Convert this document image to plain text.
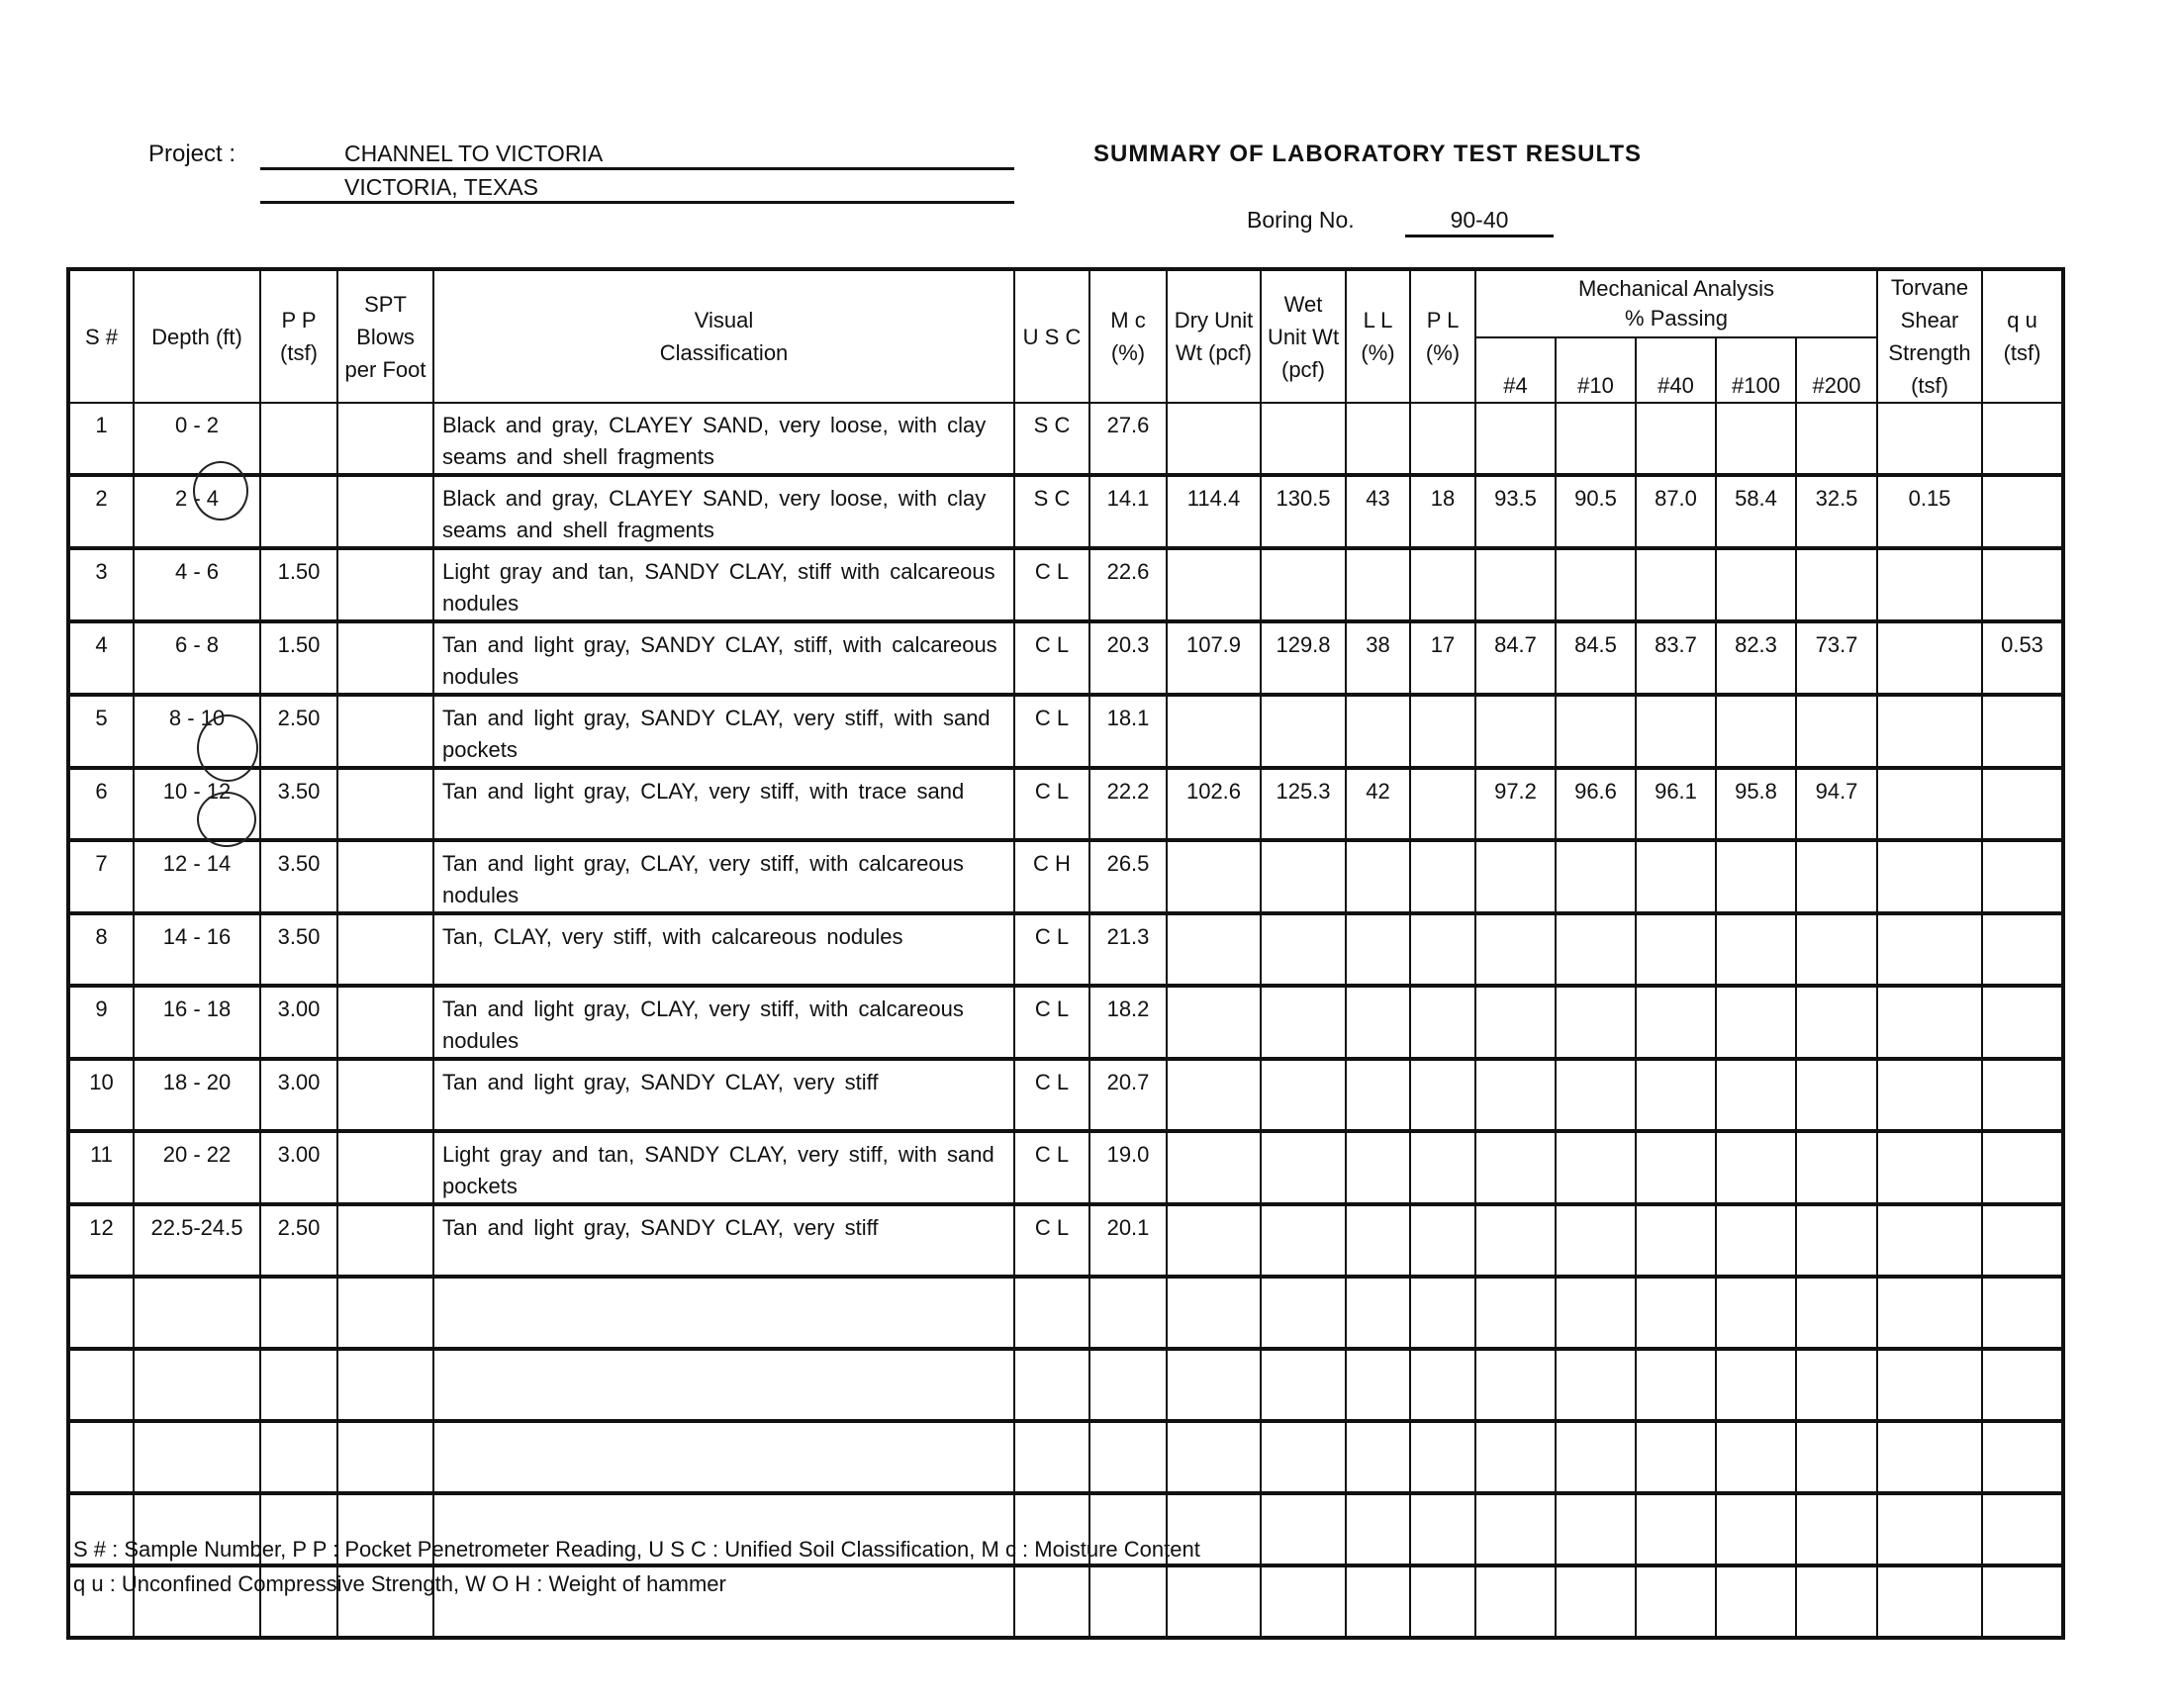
Project :	CHANNEL TO VICTORIA
VICTORIA, TEXAS
SUMMARY OF LABORATORY TEST RESULTS
Boring No.	90-40
S #	Depth (ft)	P P (tsf)	SPT Blows per Foot	Visual Classification	U S C	M c (%)	Dry Unit Wt (pcf)	Wet Unit Wt (pcf)	L L (%)	P L (%)	Mechanical Analysis
% Passing					Torvane Shear Strength (tsf)	q u (tsf)
											#4	#10	#40	#100	#200		
1	0 - 2			Black and gray, CLAYEY SAND, very loose, with clay seams and shell fragments	S C	27.6											
2	2 - 4			Black and gray, CLAYEY SAND, very loose, with clay seams and shell fragments	S C	14.1	114.4	130.5	43	18	93.5	90.5	87.0	58.4	32.5	0.15	
3	4 - 6	1.50		Light gray and tan, SANDY CLAY, stiff with calcareous nodules	C L	22.6											
4	6 - 8	1.50		Tan and light gray, SANDY CLAY, stiff, with calcareous nodules	C L	20.3	107.9	129.8	38	17	84.7	84.5	83.7	82.3	73.7		0.53
5	8 - 10	2.50		Tan and light gray, SANDY CLAY, very stiff, with sand pockets	C L	18.1											
6	10 - 12	3.50		Tan and light gray, CLAY, very stiff, with trace sand	C L	22.2	102.6	125.3	42		97.2	96.6	96.1	95.8	94.7		
7	12 - 14	3.50		Tan and light gray, CLAY, very stiff, with calcareous nodules	C H	26.5											
8	14 - 16	3.50		Tan, CLAY, very stiff, with calcareous nodules	C L	21.3											
9	16 - 18	3.00		Tan and light gray, CLAY, very stiff, with calcareous nodules	C L	18.2											
10	18 - 20	3.00		Tan and light gray, SANDY CLAY, very stiff	C L	20.7											
11	20 - 22	3.00		Light gray and tan, SANDY CLAY, very stiff, with sand pockets	C L	19.0											
12	22.5-24.5	2.50		Tan and light gray, SANDY CLAY, very stiff	C L	20.1											

S # : Sample Number, P P : Pocket Penetrometer Reading, U S C : Unified Soil Classification, M c : Moisture Content
q u : Unconfined Compressive Strength, W O H : Weight of hammer
